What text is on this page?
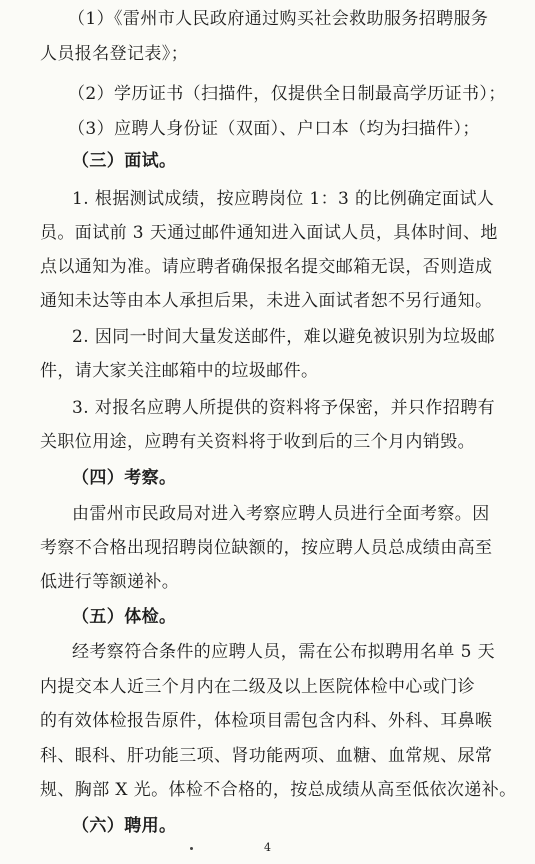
（1）《雷州市人民政府通过购买社会救助服务招聘服务
人员报名登记表》；
（2）学历证书（扫描件，仅提供全日制最高学历证书）；
（3）应聘人身份证（双面）、户口本（均为扫描件）；
（三）面试。
1. 根据测试成绩，按应聘岗位 1：3 的比例确定面试人
员。面试前 3 天通过邮件通知进入面试人员，具体时间、地
点以通知为准。请应聘者确保报名提交邮箱无误，否则造成
通知未达等由本人承担后果，未进入面试者恕不另行通知。
2. 因同一时间大量发送邮件，难以避免被识别为垃圾邮
件，请大家关注邮箱中的垃圾邮件。
3. 对报名应聘人所提供的资料将予保密，并只作招聘有
关职位用途，应聘有关资料将于收到后的三个月内销毁。
（四）考察。
由雷州市民政局对进入考察应聘人员进行全面考察。因
考察不合格出现招聘岗位缺额的，按应聘人员总成绩由高至
低进行等额递补。
（五）体检。
经考察符合条件的应聘人员，需在公布拟聘用名单 5 天
内提交本人近三个月内在二级及以上医院体检中心或门诊
的有效体检报告原件，体检项目需包含内科、外科、耳鼻喉
科、眼科、肝功能三项、肾功能两项、血糖、血常规、尿常
规、胸部 X 光。体检不合格的，按总成绩从高至低依次递补。
（六）聘用。
4
